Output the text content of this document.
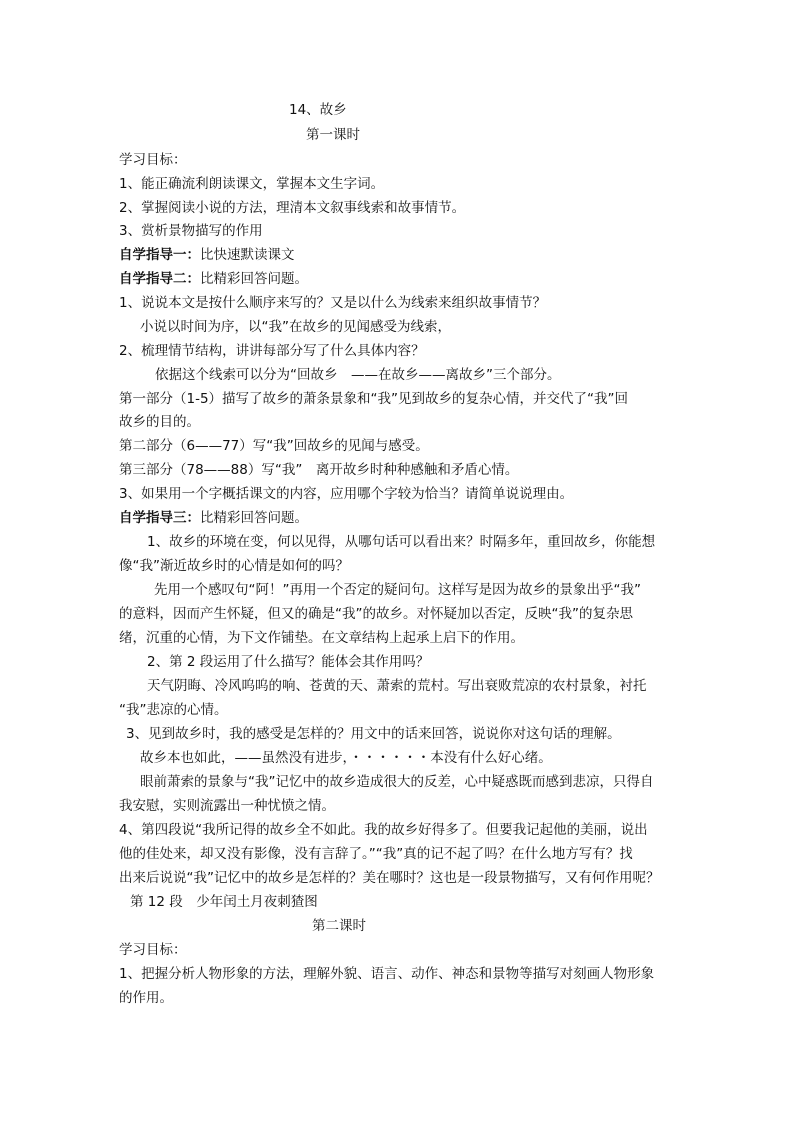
14、故乡
第一课时
学习目标：
1、能正确流利朗读课文，掌握本文生字词。
2、掌握阅读小说的方法，理清本文叙事线索和故事情节。
3、赏析景物描写的作用
自学指导一：比快速默读课文
自学指导二：比精彩回答问题。
1、说说本文是按什么顺序来写的？又是以什么为线索来组织故事情节？
小说以时间为序，以“我”在故乡的见闻感受为线索，
2、梳理情节结构，讲讲每部分写了什么具体内容？
依据这个线索可以分为“回故乡　——在故乡——离故乡”三个部分。
第一部分（1-5）描写了故乡的萧条景象和“我”见到故乡的复杂心情，并交代了“我”回
故乡的目的。
第二部分（6——77）写“我”回故乡的见闻与感受。
第三部分（78——88）写“我”　离开故乡时种种感触和矛盾心情。
3、如果用一个字概括课文的内容，应用哪个字较为恰当？请简单说说理由。
自学指导三：比精彩回答问题。
1、故乡的环境在变，何以见得，从哪句话可以看出来？时隔多年，重回故乡，你能想
像“我”渐近故乡时的心情是如何的吗？
先用一个感叹句“阿！”再用一个否定的疑问句。这样写是因为故乡的景象出乎“我”
的意料，因而产生怀疑，但又的确是“我”的故乡。对怀疑加以否定，反映“我”的复杂思
绪，沉重的心情，为下文作铺垫。在文章结构上起承上启下的作用。
2、第 2 段运用了什么描写？能体会其作用吗？
天气阴晦、冷风呜呜的响、苍黄的天、萧索的荒村。写出衰败荒凉的农村景象，衬托
“我”悲凉的心情。
3、见到故乡时，我的感受是怎样的？用文中的话来回答，说说你对这句话的理解。
故乡本也如此，——虽然没有进步，・・・・・・本没有什么好心绪。
眼前萧索的景象与“我”记忆中的故乡造成很大的反差，心中疑惑既而感到悲凉，只得自
我安慰，实则流露出一种忧愤之情。
4、第四段说“我所记得的故乡全不如此。我的故乡好得多了。但要我记起他的美丽，说出
他的佳处来，却又没有影像，没有言辞了。”“我”真的记不起了吗？在什么地方写有？找
出来后说说“我”记忆中的故乡是怎样的？美在哪时？这也是一段景物描写，又有何作用呢？
第 12 段　少年闰土月夜刺猹图
第二课时
学习目标：
1、把握分析人物形象的方法，理解外貌、语言、动作、神态和景物等描写对刻画人物形象
的作用。
